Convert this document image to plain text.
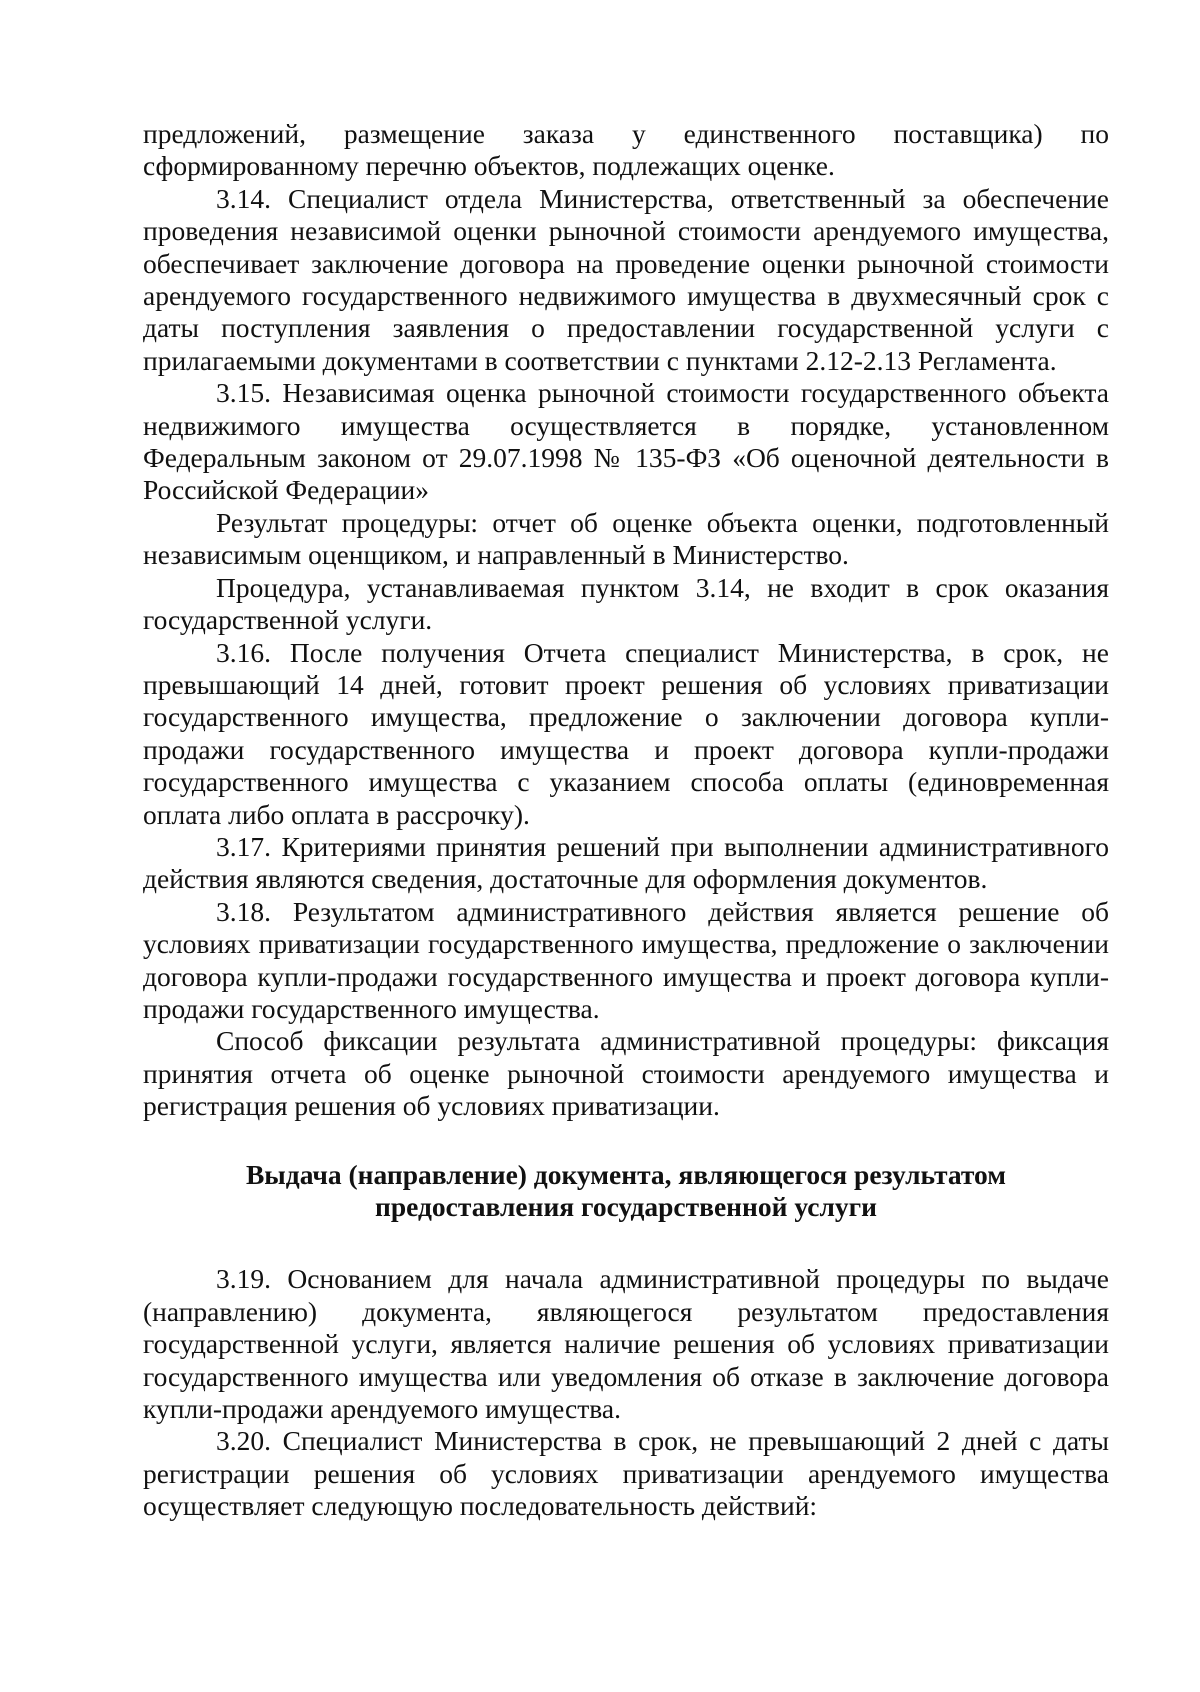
предложений, размещение заказа у единственного поставщика) по сформированному перечню объектов, подлежащих оценке.

3.14. Специалист отдела Министерства, ответственный за обеспечение проведения независимой оценки рыночной стоимости арендуемого имущества, обеспечивает заключение договора на проведение оценки рыночной стоимости арендуемого государственного недвижимого имущества в двухмесячный срок с даты поступления заявления о предоставлении государственной услуги с прилагаемыми документами в соответствии с пунктами 2.12-2.13 Регламента.

3.15. Независимая оценка рыночной стоимости государственного объекта недвижимого имущества осуществляется в порядке, установленном Федеральным законом от 29.07.1998 № 135-ФЗ «Об оценочной деятельности в Российской Федерации»

Результат процедуры: отчет об оценке объекта оценки, подготовленный независимым оценщиком, и направленный в Министерство.

Процедура, устанавливаемая пунктом 3.14, не входит в срок оказания государственной услуги.

3.16. После получения Отчета специалист Министерства, в срок, не превышающий 14 дней, готовит проект решения об условиях приватизации государственного имущества, предложение о заключении договора купли-продажи государственного имущества и проект договора купли-продажи государственного имущества с указанием способа оплаты (единовременная оплата либо оплата в рассрочку).

3.17. Критериями принятия решений при выполнении административного действия являются сведения, достаточные для оформления документов.

3.18. Результатом административного действия является решение об условиях приватизации государственного имущества, предложение о заключении договора купли-продажи государственного имущества и проект договора купли-продажи государственного имущества.

Способ фиксации результата административной процедуры: фиксация принятия отчета об оценке рыночной стоимости арендуемого имущества и регистрация решения об условиях приватизации.

Выдача (направление) документа, являющегося результатом
предоставления государственной услуги

3.19. Основанием для начала административной процедуры по выдаче (направлению) документа, являющегося результатом предоставления государственной услуги, является наличие решения об условиях приватизации государственного имущества или уведомления об отказе в заключение договора купли-продажи арендуемого имущества.

3.20. Специалист Министерства в срок, не превышающий 2 дней с даты регистрации решения об условиях приватизации арендуемого имущества осуществляет следующую последовательность действий:
